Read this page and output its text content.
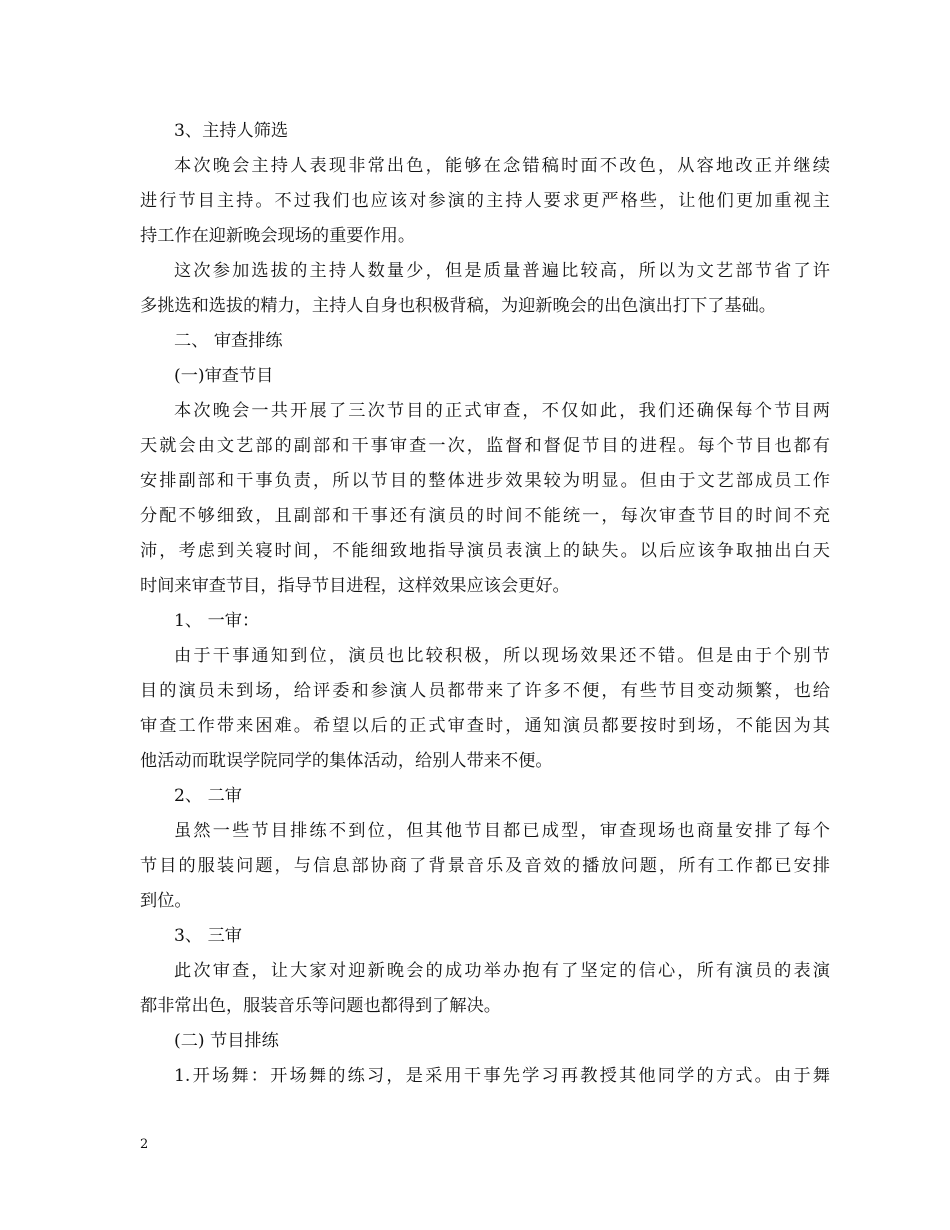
3、主持人筛选
本次晚会主持人表现非常出色，能够在念错稿时面不改色，从容地改正并继续
进行节目主持。不过我们也应该对参演的主持人要求更严格些，让他们更加重视主
持工作在迎新晚会现场的重要作用。
这次参加选拔的主持人数量少，但是质量普遍比较高，所以为文艺部节省了许
多挑选和选拔的精力，主持人自身也积极背稿，为迎新晚会的出色演出打下了基础。
二、 审查排练
(一)审查节目
本次晚会一共开展了三次节目的正式审查，不仅如此，我们还确保每个节目两
天就会由文艺部的副部和干事审查一次，监督和督促节目的进程。每个节目也都有
安排副部和干事负责，所以节目的整体进步效果较为明显。但由于文艺部成员工作
分配不够细致，且副部和干事还有演员的时间不能统一，每次审查节目的时间不充
沛，考虑到关寝时间，不能细致地指导演员表演上的缺失。以后应该争取抽出白天
时间来审查节目，指导节目进程，这样效果应该会更好。
1、 一审：
由于干事通知到位，演员也比较积极，所以现场效果还不错。但是由于个别节
目的演员未到场，给评委和参演人员都带来了许多不便，有些节目变动频繁，也给
审查工作带来困难。希望以后的正式审查时，通知演员都要按时到场，不能因为其
他活动而耽误学院同学的集体活动，给别人带来不便。
2、 二审
虽然一些节目排练不到位，但其他节目都已成型，审查现场也商量安排了每个
节目的服装问题，与信息部协商了背景音乐及音效的播放问题，所有工作都已安排
到位。
3、 三审
此次审查，让大家对迎新晚会的成功举办抱有了坚定的信心，所有演员的表演
都非常出色，服装音乐等问题也都得到了解决。
(二) 节目排练
1.开场舞：开场舞的练习，是采用干事先学习再教授其他同学的方式。由于舞
2
